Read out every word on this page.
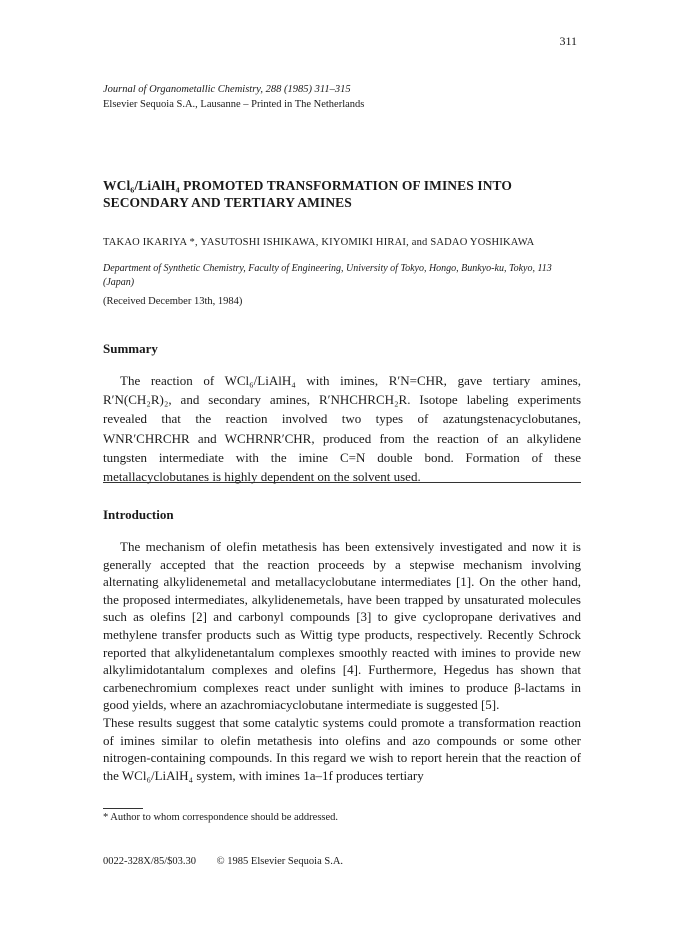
311
Journal of Organometallic Chemistry, 288 (1985) 311–315
Elsevier Sequoia S.A., Lausanne – Printed in The Netherlands
WCl₆/LiAlH₄ PROMOTED TRANSFORMATION OF IMINES INTO SECONDARY AND TERTIARY AMINES
TAKAO IKARIYA *, YASUTOSHI ISHIKAWA, KIYOMIKI HIRAI, and SADAO YOSHIKAWA
Department of Synthetic Chemistry, Faculty of Engineering, University of Tokyo, Hongo, Bunkyo-ku, Tokyo, 113 (Japan)
(Received December 13th, 1984)
Summary
The reaction of WCl₆/LiAlH₄ with imines, R′N=CHR, gave tertiary amines, R′N(CH₂R)₂, and secondary amines, R′NHCHRCH₂R. Isotope labeling experiments revealed that the reaction involved two types of azatungstenacyclobutanes, WNR′CHRCHR and WCHRNR′CHR, produced from the reaction of an alkylidene tungsten intermediate with the imine C=N double bond. Formation of these metallacyclobutanes is highly dependent on the solvent used.
Introduction

The mechanism of olefin metathesis has been extensively investigated and now it is generally accepted that the reaction proceeds by a stepwise mechanism involving alternating alkylidenemetal and metallacyclobutane intermediates [1]. On the other hand, the proposed intermediates, alkylidenemetals, have been trapped by unsaturated molecules such as olefins [2] and carbonyl compounds [3] to give cyclopropane derivatives and methylene transfer products such as Wittig type products, respectively. Recently Schrock reported that alkylidenetantalum complexes smoothly reacted with imines to provide new alkylimidotantalum complexes and olefins [4]. Furthermore, Hegedus has shown that carbenechromium complexes react under sunlight with imines to produce β-lactams in good yields, where an azachromiacyclobutane intermediate is suggested [5].

These results suggest that some catalytic systems could promote a transformation reaction of imines similar to olefin metathesis into olefins and azo compounds or some other nitrogen-containing compounds. In this regard we wish to report herein that the reaction of the WCl₆/LiAlH₄ system, with imines 1a–1f produces tertiary

* Author to whom correspondence should be addressed.
0022-328X/85/$03.30 © 1985 Elsevier Sequoia S.A.
